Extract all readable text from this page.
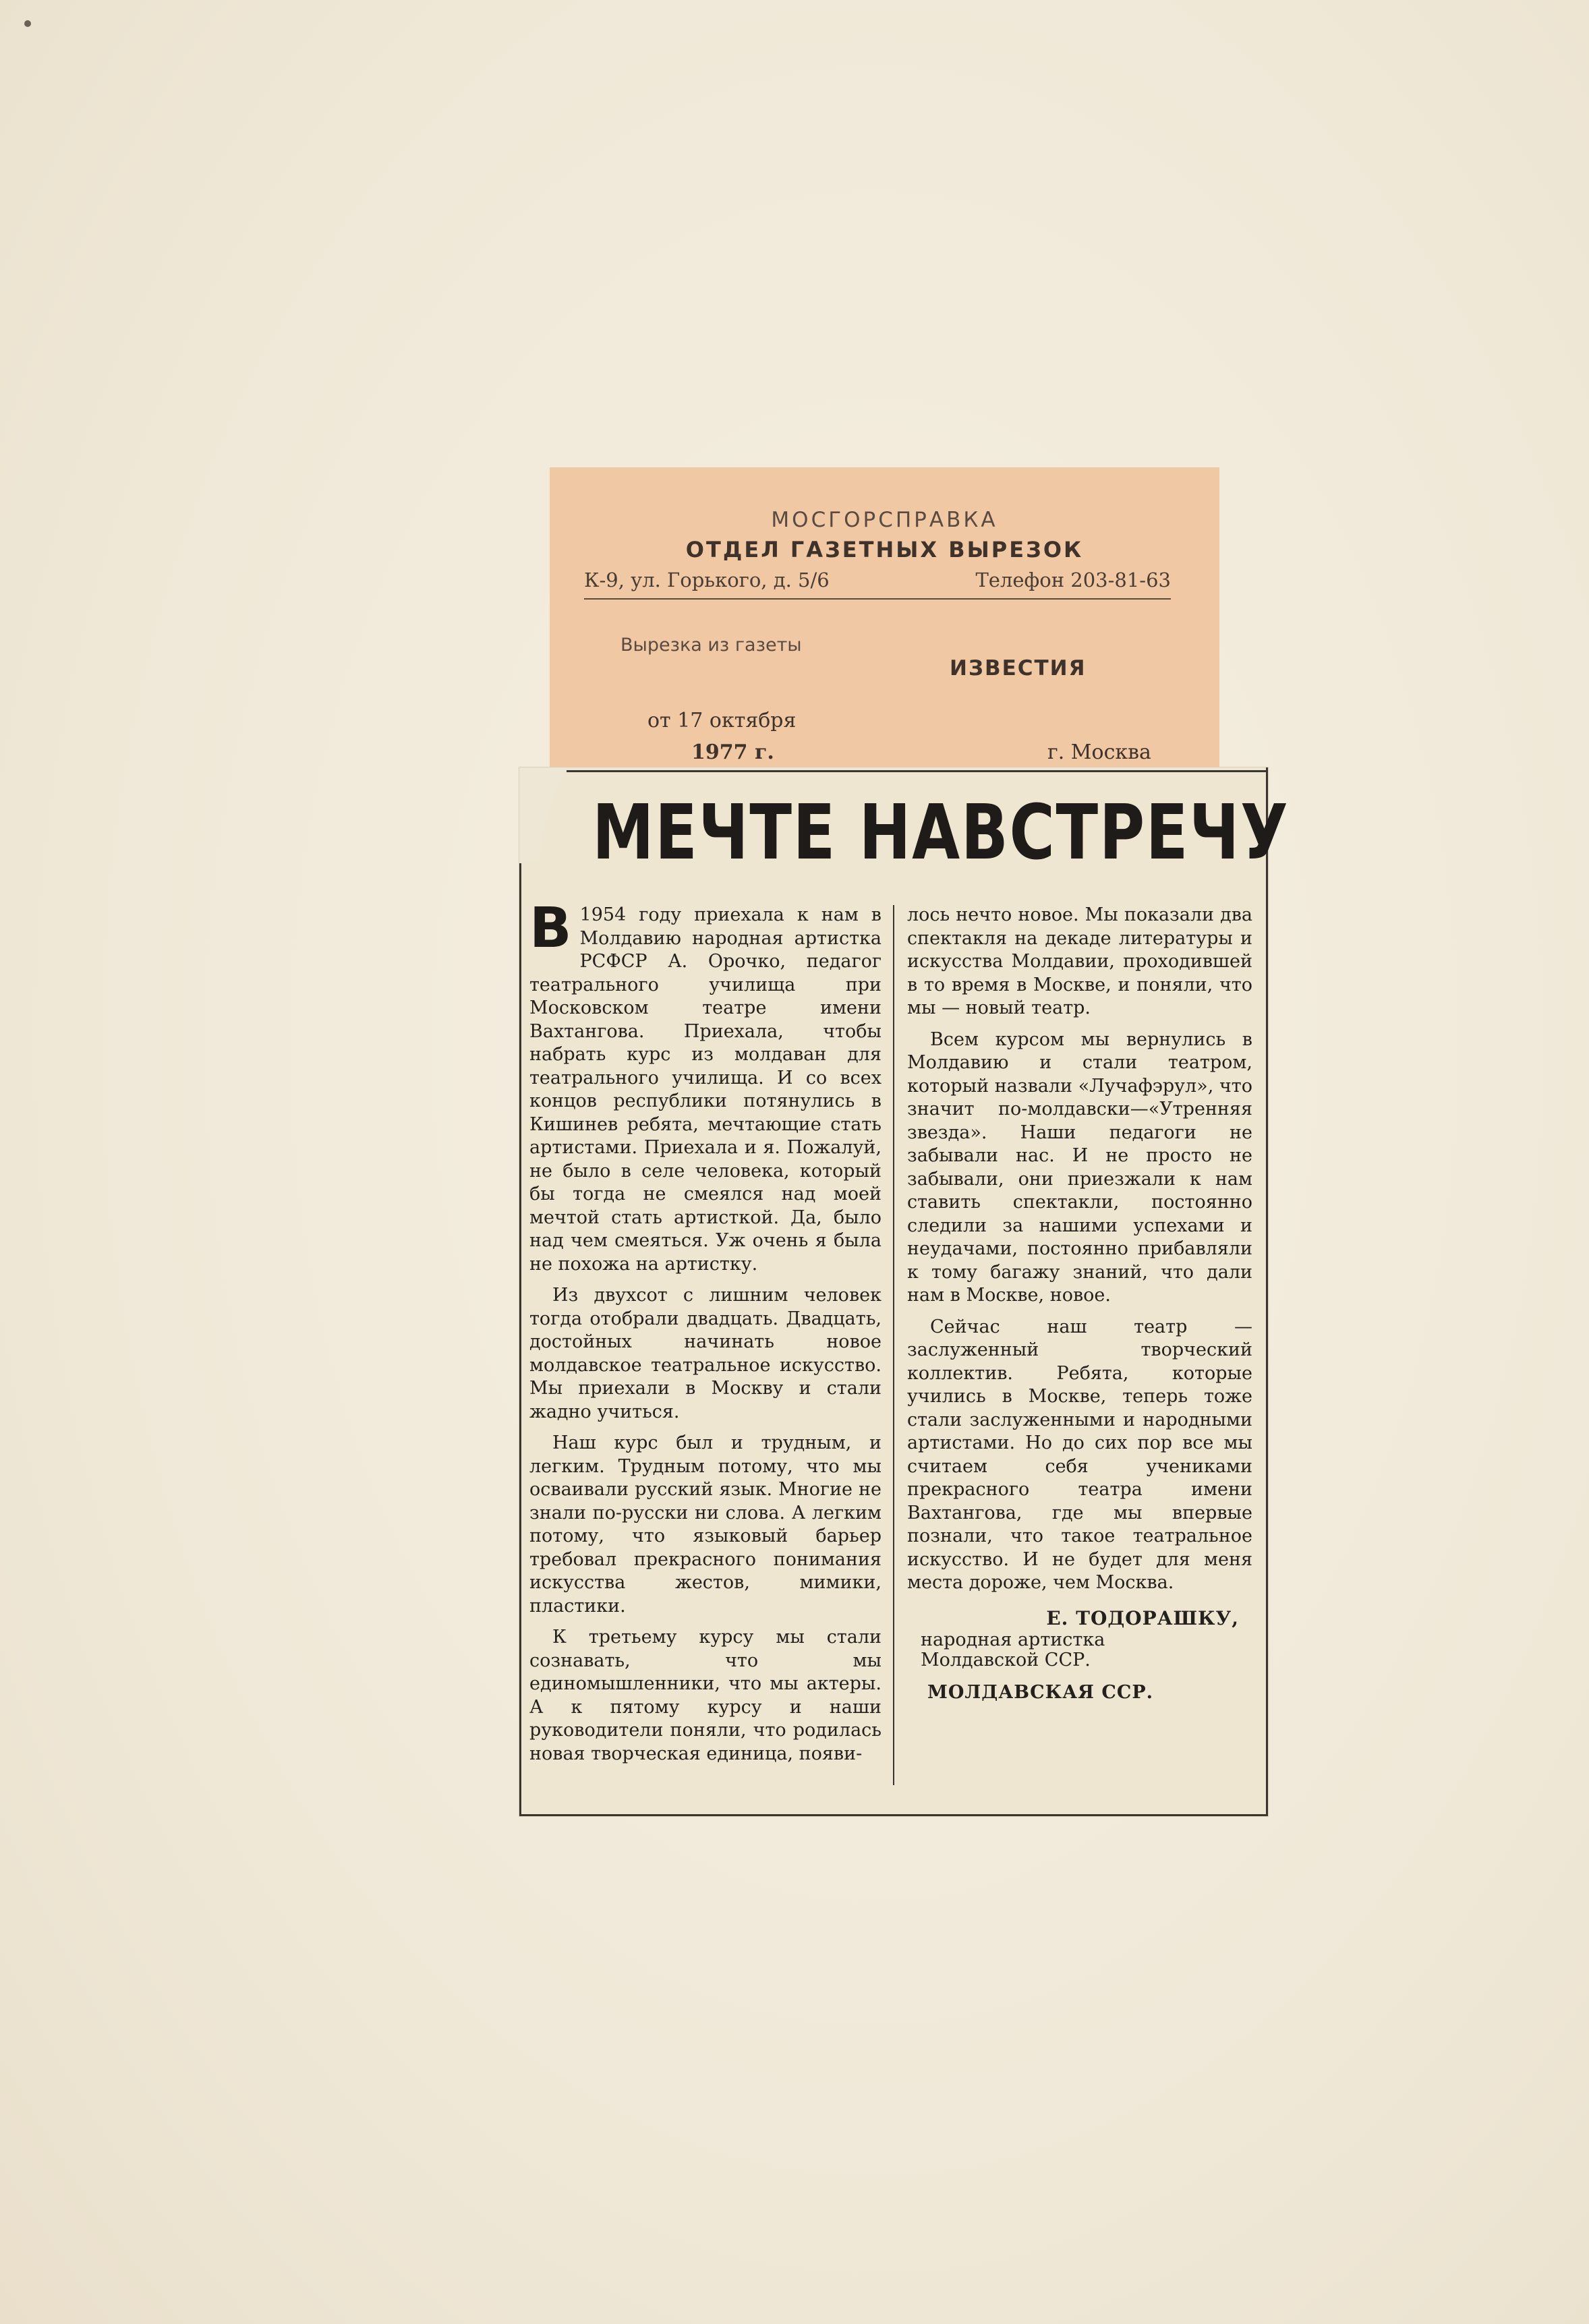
МОСГОРСПРАВКА
ОТДЕЛ ГАЗЕТНЫХ ВЫРЕЗОК
К-9, ул. Горького, д. 5/6	Телефон 203-81-63
Вырезка из газеты
ИЗВЕСТИЯ
от 17 октября
1977 г.	г. Москва
МЕЧТЕ НАВСТРЕЧУ

В 1954 году приехала к нам в Молдавию народная артистка РСФСР А. Орочко, педагог театрального училища при Московском театре имени Вахтангова. Приехала, чтобы набрать курс из молдаван для театрального училища. И со всех концов республики потянулись в Кишинев ребята, мечтающие стать артистами. Приехала и я. Пожалуй, не было в селе человека, который бы тогда не смеялся над моей мечтой стать артисткой. Да, было над чем смеяться. Уж очень я была не похожа на артистку.

Из двухсот с лишним человек тогда отобрали двадцать. Двадцать, достойных начинать новое молдавское театральное искусство. Мы приехали в Москву и стали жадно учиться.

Наш курс был и трудным, и легким. Трудным потому, что мы осваивали русский язык. Многие не знали по-русски ни слова. А легким потому, что языковый барьер требовал прекрасного понимания искусства жестов, мимики, пластики.

К третьему курсу мы стали сознавать, что мы единомышленники, что мы актеры. А к пятому курсу и наши руководители поняли, что родилась новая творческая единица, появи-

лось нечто новое. Мы показали два спектакля на декаде литературы и искусства Молдавии, проходившей в то время в Москве, и поняли, что мы — новый театр.

Всем курсом мы вернулись в Молдавию и стали театром, который назвали «Лучафэрул», что значит по-молдавски—«Утренняя звезда». Наши педагоги не забывали нас. И не просто не забывали, они приезжали к нам ставить спектакли, постоянно следили за нашими успехами и неудачами, постоянно прибавляли к тому багажу знаний, что дали нам в Москве, новое.

Сейчас наш театр — заслуженный творческий коллектив. Ребята, которые учились в Москве, теперь тоже стали заслуженными и народными артистами. Но до сих пор все мы считаем себя учениками прекрасного театра имени Вахтангова, где мы впервые познали, что такое театральное искусство. И не будет для меня места дороже, чем Москва.

Е. ТОДОРАШКУ,
народная артистка Молдавской ССР.
МОЛДАВСКАЯ ССР.
